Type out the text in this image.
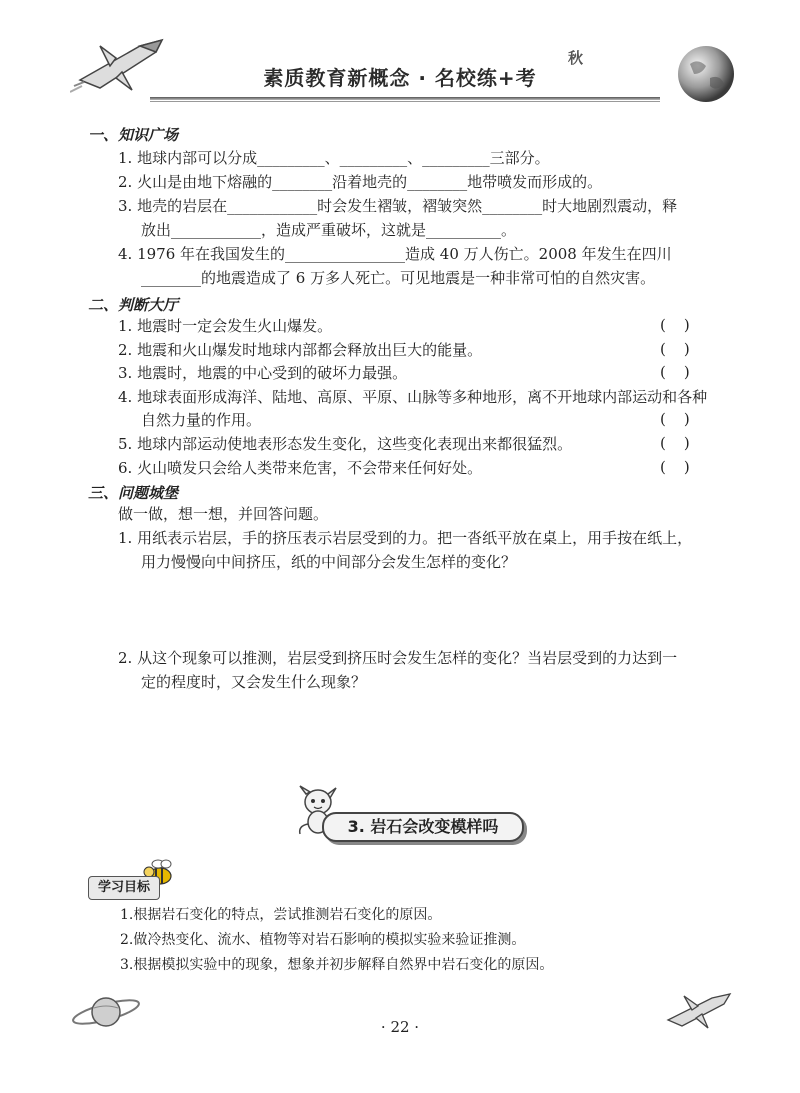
秋
素质教育新概念 · 名校练+考
一、知识广场
1. 地球内部可以分成_________、_________、_________三部分。
2. 火山是由地下熔融的________沿着地壳的________地带喷发而形成的。
3. 地壳的岩层在____________时会发生褶皱，褶皱突然________时大地剧烈震动，释
放出____________，造成严重破坏，这就是__________。
4. 1976 年在我国发生的________________造成 40 万人伤亡。2008 年发生在四川
________的地震造成了 6 万多人死亡。可见地震是一种非常可怕的自然灾害。
二、判断大厅
1. 地震时一定会发生火山爆发。	()
2. 地震和火山爆发时地球内部都会释放出巨大的能量。	()
3. 地震时，地震的中心受到的破坏力最强。	()
4. 地球表面形成海洋、陆地、高原、平原、山脉等多种地形，离不开地球内部运动和各种
自然力量的作用。	()
5. 地球内部运动使地表形态发生变化，这些变化表现出来都很猛烈。	()
6. 火山喷发只会给人类带来危害，不会带来任何好处。	()
三、问题城堡
做一做，想一想，并回答问题。
1. 用纸表示岩层，手的挤压表示岩层受到的力。把一沓纸平放在桌上，用手按在纸上，
用力慢慢向中间挤压，纸的中间部分会发生怎样的变化？
2. 从这个现象可以推测，岩层受到挤压时会发生怎样的变化？当岩层受到的力达到一
定的程度时，又会发生什么现象？
3. 岩石会改变模样吗
学习目标
1.根据岩石变化的特点，尝试推测岩石变化的原因。
2.做冷热变化、流水、植物等对岩石影响的模拟实验来验证推测。
3.根据模拟实验中的现象，想象并初步解释自然界中岩石变化的原因。
· 22 ·
